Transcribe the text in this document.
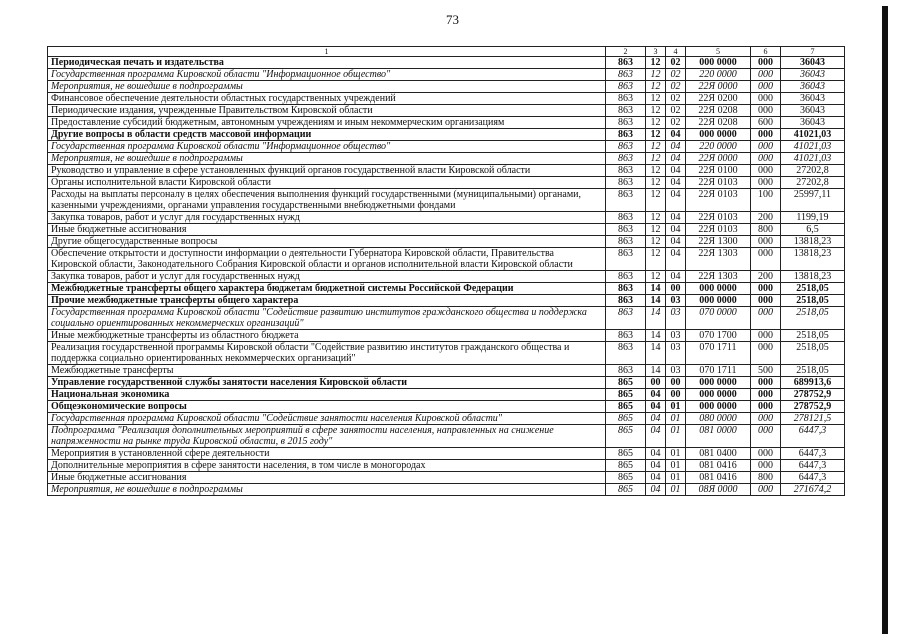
73
1	2	3	4	5	6	7
Периодическая печать и издательства	863	12	02	000 0000	000	36043
Государственная программа Кировской области "Информационное общество"	863	12	02	220 0000	000	36043
Мероприятия, не вошедшие в подпрограммы	863	12	02	22Я 0000	000	36043
Финансовое обеспечение деятельности областных государственных учреждений	863	12	02	22Я 0200	000	36043
Периодические издания, учрежденные Правительством Кировской области	863	12	02	22Я 0208	000	36043
Предоставление субсидий бюджетным, автономным учреждениям и иным некоммерческим организациям	863	12	02	22Я 0208	600	36043
Другие вопросы в области средств массовой информации	863	12	04	000 0000	000	41021,03
Государственная программа Кировской области "Информационное общество"	863	12	04	220 0000	000	41021,03
Мероприятия, не вошедшие в подпрограммы	863	12	04	22Я 0000	000	41021,03
Руководство и управление в сфере установленных функций органов государственной власти Кировской области	863	12	04	22Я 0100	000	27202,8
Органы исполнительной власти Кировской области	863	12	04	22Я 0103	000	27202,8
Расходы на выплаты персоналу в целях обеспечения выполнения функций государственными (муниципальными) органами, казенными учреждениями, органами управления государственными внебюджетными фондами	863	12	04	22Я 0103	100	25997,11
Закупка товаров, работ и услуг для государственных нужд	863	12	04	22Я 0103	200	1199,19
Иные бюджетные ассигнования	863	12	04	22Я 0103	800	6,5
Другие общегосударственные вопросы	863	12	04	22Я 1300	000	13818,23
Обеспечение открытости и доступности информации о деятельности Губернатора Кировской области, Правительства Кировской области, Законодательного Собрания Кировской области и органов исполнительной власти Кировской области	863	12	04	22Я 1303	000	13818,23
Закупка товаров, работ и услуг для государственных нужд	863	12	04	22Я 1303	200	13818,23
Межбюджетные трансферты общего характера бюджетам бюджетной системы Российской Федерации	863	14	00	000 0000	000	2518,05
Прочие межбюджетные трансферты общего характера	863	14	03	000 0000	000	2518,05
Государственная программа Кировской области "Содействие развитию институтов гражданского общества и поддержка социально ориентированных некоммерческих организаций"	863	14	03	070 0000	000	2518,05
Иные межбюджетные трансферты из областного бюджета	863	14	03	070 1700	000	2518,05
Реализация государственной программы Кировской области "Содействие развитию институтов гражданского общества и поддержка социально ориентированных некоммерческих организаций"	863	14	03	070 1711	000	2518,05
Межбюджетные трансферты	863	14	03	070 1711	500	2518,05
Управление государственной службы занятости населения Кировской области	865	00	00	000 0000	000	689913,6
Национальная экономика	865	04	00	000 0000	000	278752,9
Общеэкономические вопросы	865	04	01	000 0000	000	278752,9
Государственная программа Кировской области "Содействие занятости населения Кировской области"	865	04	01	080 0000	000	278121,5
Подпрограмма "Реализация дополнительных мероприятий в сфере занятости населения, направленных на снижение напряженности на рынке труда Кировской области, в 2015 году"	865	04	01	081 0000	000	6447,3
Мероприятия в установленной сфере деятельности	865	04	01	081 0400	000	6447,3
Дополнительные мероприятия в сфере занятости населения, в том числе в моногородах	865	04	01	081 0416	000	6447,3
Иные бюджетные ассигнования	865	04	01	081 0416	800	6447,3
Мероприятия, не вошедшие в подпрограммы	865	04	01	08Я 0000	000	271674,2
